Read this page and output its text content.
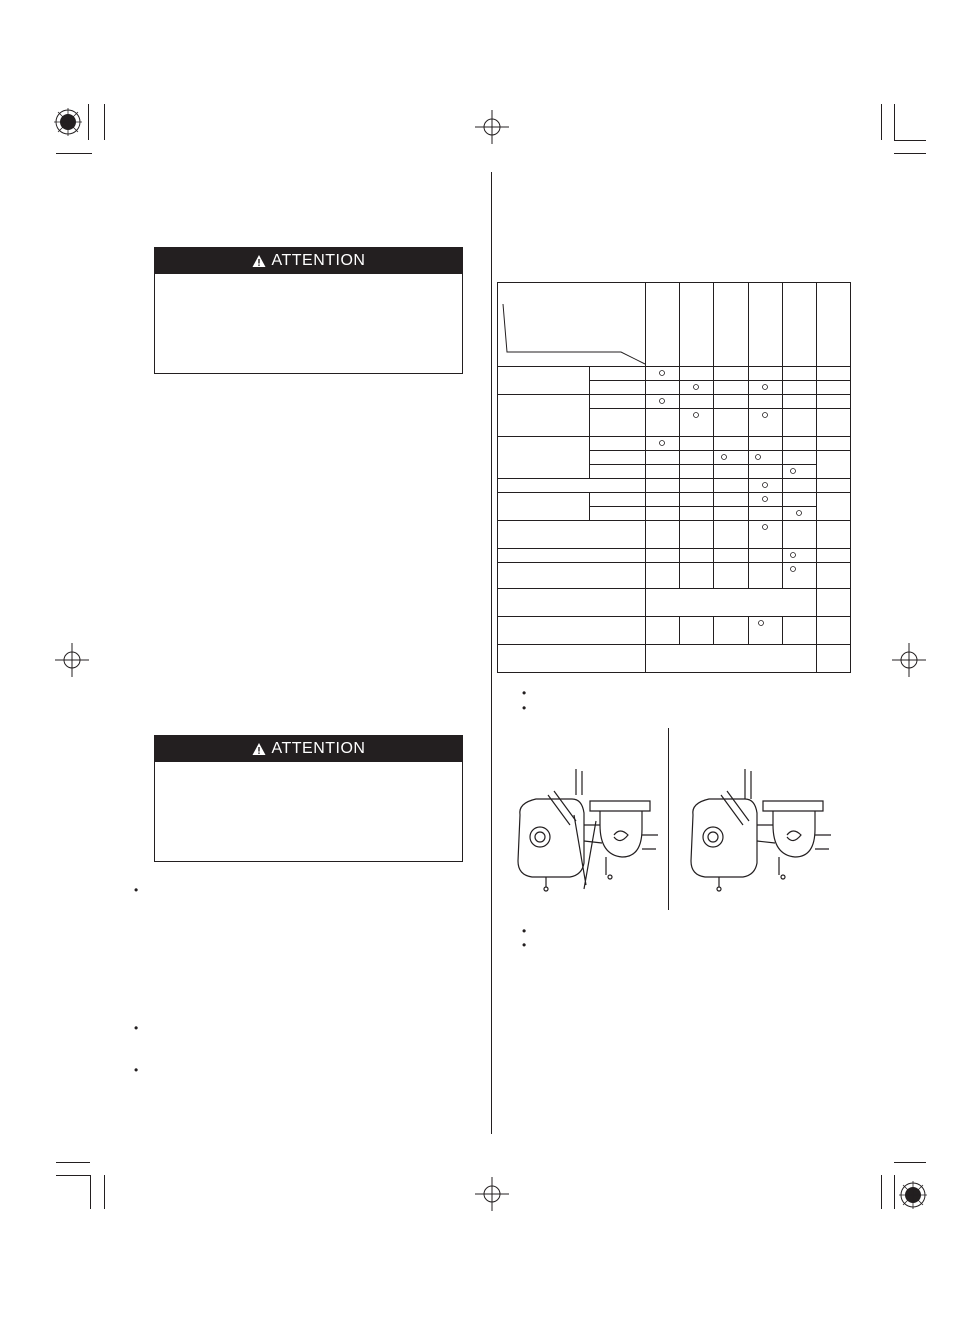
ATTENTION
ATTENTION
•
•
•
•
•
•
•
